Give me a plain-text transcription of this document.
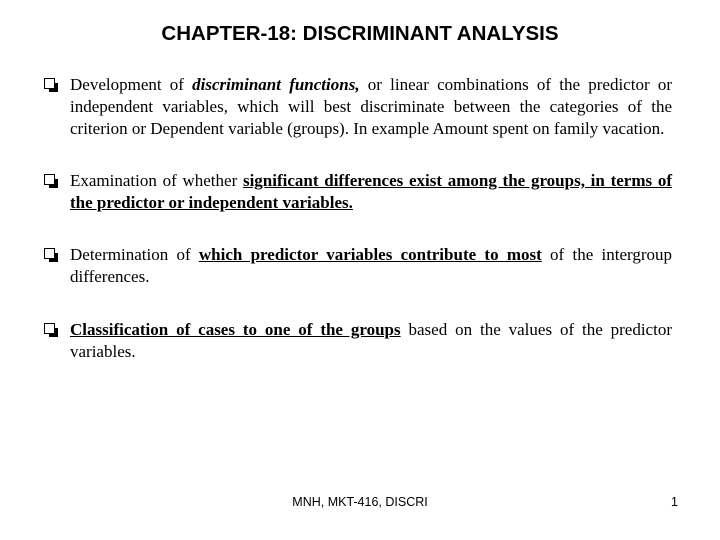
CHAPTER-18: DISCRIMINANT ANALYSIS
Development of discriminant functions, or linear combinations of the predictor or independent variables, which will best discriminate between the categories of the criterion or Dependent variable (groups). In example Amount spent on family vacation.
Examination of whether significant differences exist among the groups, in terms of the predictor or independent variables.
Determination of which predictor variables contribute to most of the intergroup differences.
Classification of cases to one of the groups based on the values of the predictor variables.
MNH, MKT-416, DISCRI	1
